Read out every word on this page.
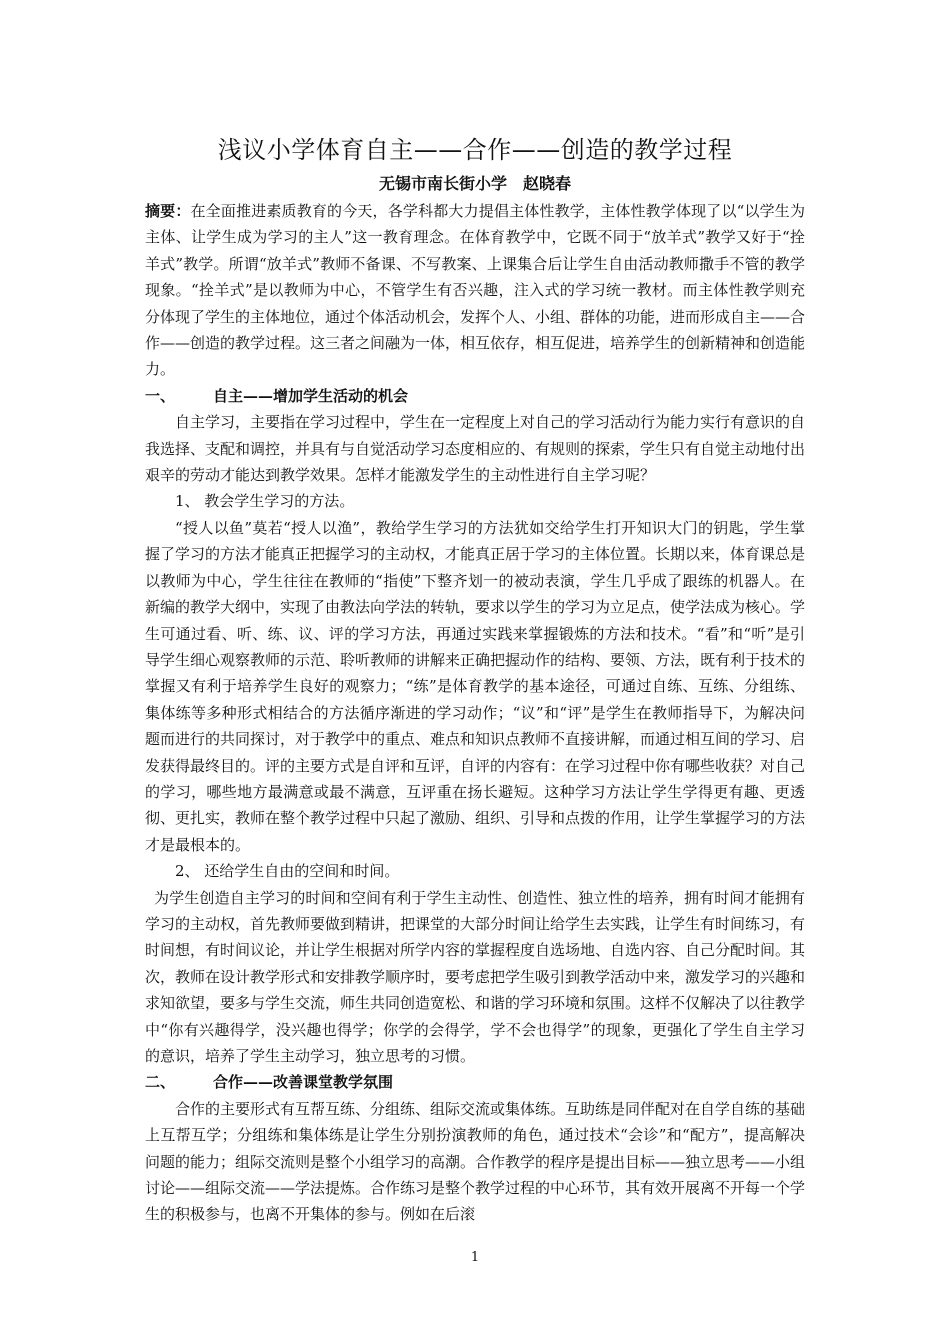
浅议小学体育自主——合作——创造的教学过程
无锡市南长街小学　赵晓春

摘要：在全面推进素质教育的今天，各学科都大力提倡主体性教学，主体性教学体现了以“以学生为主体、让学生成为学习的主人”这一教育理念。在体育教学中，它既不同于“放羊式”教学又好于“拴羊式”教学。所谓“放羊式”教师不备课、不写教案、上课集合后让学生自由活动教师撒手不管的教学现象。“拴羊式”是以教师为中心，不管学生有否兴趣，注入式的学习统一教材。而主体性教学则充分体现了学生的主体地位，通过个体活动机会，发挥个人、小组、群体的功能，进而形成自主——合作——创造的教学过程。这三者之间融为一体，相互依存，相互促进，培养学生的创新精神和创造能力。

一、	自主——增加学生活动的机会

自主学习，主要指在学习过程中，学生在一定程度上对自己的学习活动行为能力实行有意识的自我选择、支配和调控，并具有与自觉活动学习态度相应的、有规则的探索，学生只有自觉主动地付出艰辛的劳动才能达到教学效果。怎样才能激发学生的主动性进行自主学习呢？

1、 教会学生学习的方法。

“授人以鱼”莫若“授人以渔”，教给学生学习的方法犹如交给学生打开知识大门的钥匙，学生掌握了学习的方法才能真正把握学习的主动权，才能真正居于学习的主体位置。长期以来，体育课总是以教师为中心，学生往往在教师的“指使”下整齐划一的被动表演，学生几乎成了跟练的机器人。在新编的教学大纲中，实现了由教法向学法的转轨，要求以学生的学习为立足点，使学法成为核心。学生可通过看、听、练、议、评的学习方法，再通过实践来掌握锻炼的方法和技术。“看”和“听”是引导学生细心观察教师的示范、聆听教师的讲解来正确把握动作的结构、要领、方法，既有利于技术的掌握又有利于培养学生良好的观察力；“练”是体育教学的基本途径，可通过自练、互练、分组练、集体练等多种形式相结合的方法循序渐进的学习动作；“议”和“评”是学生在教师指导下，为解决问题而进行的共同探讨，对于教学中的重点、难点和知识点教师不直接讲解，而通过相互间的学习、启发获得最终目的。评的主要方式是自评和互评，自评的内容有：在学习过程中你有哪些收获？对自己的学习，哪些地方最满意或最不满意，互评重在扬长避短。这种学习方法让学生学得更有趣、更透彻、更扎实，教师在整个教学过程中只起了激励、组织、引导和点拨的作用，让学生掌握学习的方法才是最根本的。

2、 还给学生自由的空间和时间。

为学生创造自主学习的时间和空间有利于学生主动性、创造性、独立性的培养，拥有时间才能拥有学习的主动权，首先教师要做到精讲，把课堂的大部分时间让给学生去实践，让学生有时间练习，有时间想，有时间议论，并让学生根据对所学内容的掌握程度自选场地、自选内容、自己分配时间。其次，教师在设计教学形式和安排教学顺序时，要考虑把学生吸引到教学活动中来，激发学习的兴趣和求知欲望，要多与学生交流，师生共同创造宽松、和谐的学习环境和氛围。这样不仅解决了以往教学中“你有兴趣得学，没兴趣也得学；你学的会得学，学不会也得学”的现象，更强化了学生自主学习的意识，培养了学生主动学习，独立思考的习惯。

二、	合作——改善课堂教学氛围

合作的主要形式有互帮互练、分组练、组际交流或集体练。互助练是同伴配对在自学自练的基础上互帮互学；分组练和集体练是让学生分别扮演教师的角色，通过技术“会诊”和“配方”，提高解决问题的能力；组际交流则是整个小组学习的高潮。合作教学的程序是提出目标——独立思考——小组讨论——组际交流——学法提炼。合作练习是整个教学过程的中心环节，其有效开展离不开每一个学生的积极参与，也离不开集体的参与。例如在后滚

1
